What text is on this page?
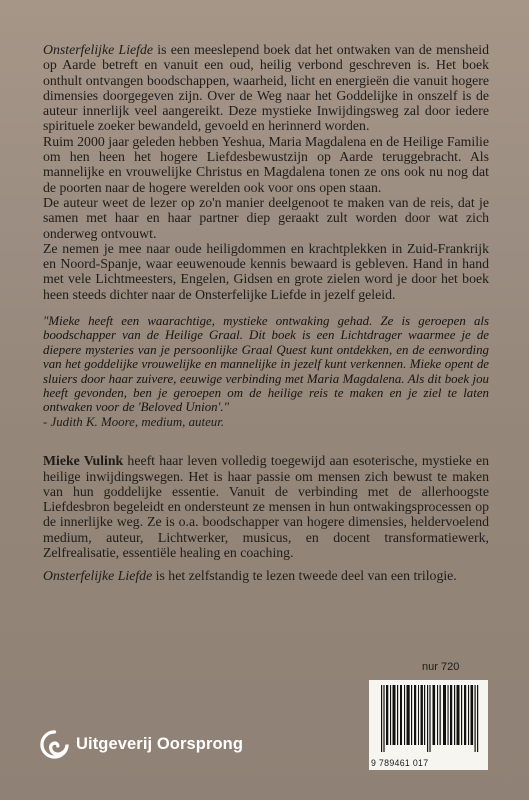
Onsterfelijke Liefde is een meeslepend boek dat het ontwaken van de mensheid op Aarde betreft en vanuit een oud, heilig verbond geschreven is. Het boek onthult ontvangen boodschappen, waarheid, licht en energieën die vanuit hogere dimensies doorgegeven zijn. Over de Weg naar het Goddelijke in onszelf is de auteur innerlijk veel aangereikt. Deze mystieke Inwijdingsweg zal door iedere spirituele zoeker bewandeld, gevoeld en herinnerd worden.

Ruim 2000 jaar geleden hebben Yeshua, Maria Magdalena en de Heilige Familie om hen heen het hogere Liefdesbewustzijn op Aarde teruggebracht. Als mannelijke en vrouwelijke Christus en Magdalena tonen ze ons ook nu nog dat de poorten naar de hogere werelden ook voor ons open staan.

De auteur weet de lezer op zo'n manier deelgenoot te maken van de reis, dat je samen met haar en haar partner diep geraakt zult worden door wat zich onderweg ontvouwt.

Ze nemen je mee naar oude heiligdommen en krachtplekken in Zuid-Frankrijk en Noord-Spanje, waar eeuwenoude kennis bewaard is gebleven. Hand in hand met vele Lichtmeesters, Engelen, Gidsen en grote zielen word je door het boek heen steeds dichter naar de Onsterfelijke Liefde in jezelf geleid.

"Mieke heeft een waarachtige, mystieke ontwaking gehad. Ze is geroepen als boodschapper van de Heilige Graal. Dit boek is een Lichtdrager waarmee je de diepere mysteries van je persoonlijke Graal Quest kunt ontdekken, en de eenwording van het goddelijke vrouwelijke en mannelijke in jezelf kunt verkennen. Mieke opent de sluiers door haar zuivere, eeuwige verbinding met Maria Magdalena. Als dit boek jou heeft gevonden, ben je geroepen om de heilige reis te maken en je ziel te laten ontwaken voor de 'Beloved Union'."

- Judith K. Moore, medium, auteur.

Mieke Vulink heeft haar leven volledig toegewijd aan esoterische, mystieke en heilige inwijdingswegen. Het is haar passie om mensen zich bewust te maken van hun goddelijke essentie. Vanuit de verbinding met de allerhoogste Liefdesbron begeleidt en ondersteunt ze mensen in hun ontwakingsprocessen op de innerlijke weg. Ze is o.a. boodschapper van hogere dimensies, heldervoelend medium, auteur, Lichtwerker, musicus, en docent transformatiewerk, Zelfrealisatie, essentiële healing en coaching.

Onsterfelijke Liefde is het zelfstandig te lezen tweede deel van een trilogie.

nur 720
9 789461 017
Uitgeverij Oorsprong
